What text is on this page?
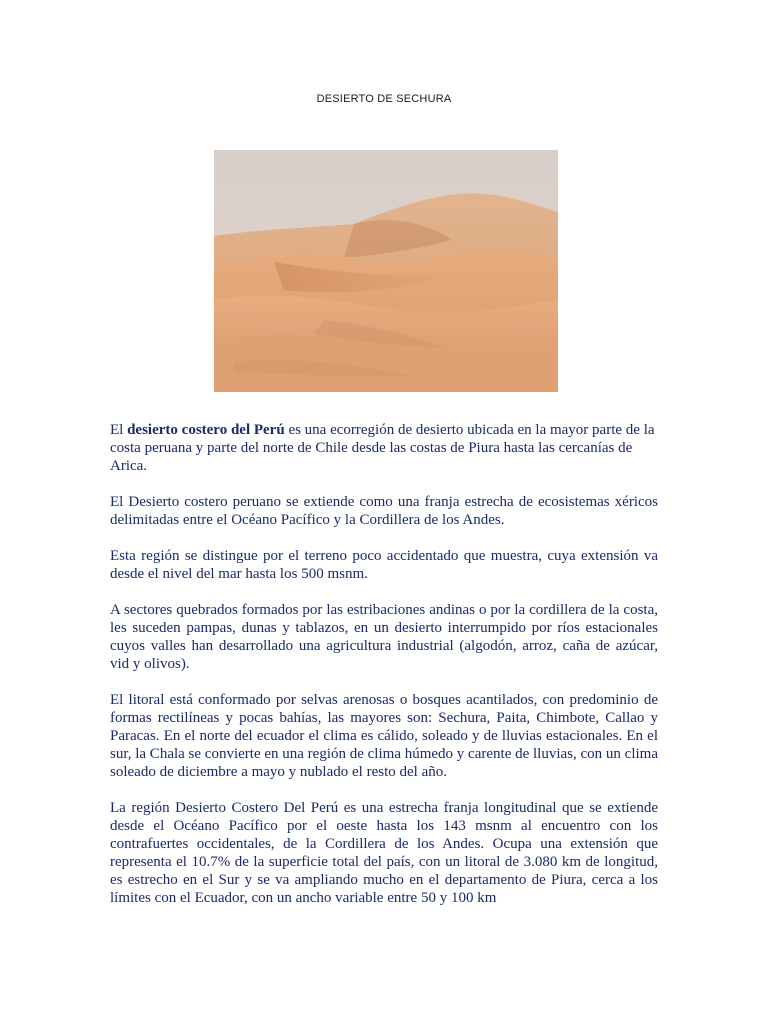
DESIERTO DE SECHURA

El desierto costero del Perú es una ecorregión de desierto ubicada en la mayor parte de la costa peruana y parte del norte de Chile desde las costas de Piura hasta las cercanías de Arica.

El Desierto costero peruano se extiende como una franja estrecha de ecosistemas xéricos delimitadas entre el Océano Pacífico y la Cordillera de los Andes.

Esta región se distingue por el terreno poco accidentado que muestra, cuya extensión va desde el nivel del mar hasta los 500 msnm.

A sectores quebrados formados por las estribaciones andinas o por la cordillera de la costa, les suceden pampas, dunas y tablazos, en un desierto interrumpido por ríos estacionales cuyos valles han desarrollado una agricultura industrial (algodón, arroz, caña de azúcar, vid y olivos).

El litoral está conformado por selvas arenosas o bosques acantilados, con predominio de formas rectilíneas y pocas bahías, las mayores son: Sechura, Paita, Chimbote, Callao y Paracas. En el norte del ecuador el clima es cálido, soleado y de lluvias estacionales. En el sur, la Chala se convierte en una región de clima húmedo y carente de lluvias, con un clima soleado de diciembre a mayo y nublado el resto del año.

La región Desierto Costero Del Perú es una estrecha franja longitudinal que se extiende desde el Océano Pacífico por el oeste hasta los 143 msnm al encuentro con los contrafuertes occidentales, de la Cordillera de los Andes. Ocupa una extensión que representa el 10.7% de la superficie total del país, con un litoral de 3.080 km de longitud, es estrecho en el Sur y se va ampliando mucho en el departamento de Piura, cerca a los límites con el Ecuador, con un ancho variable entre 50 y 100 km
